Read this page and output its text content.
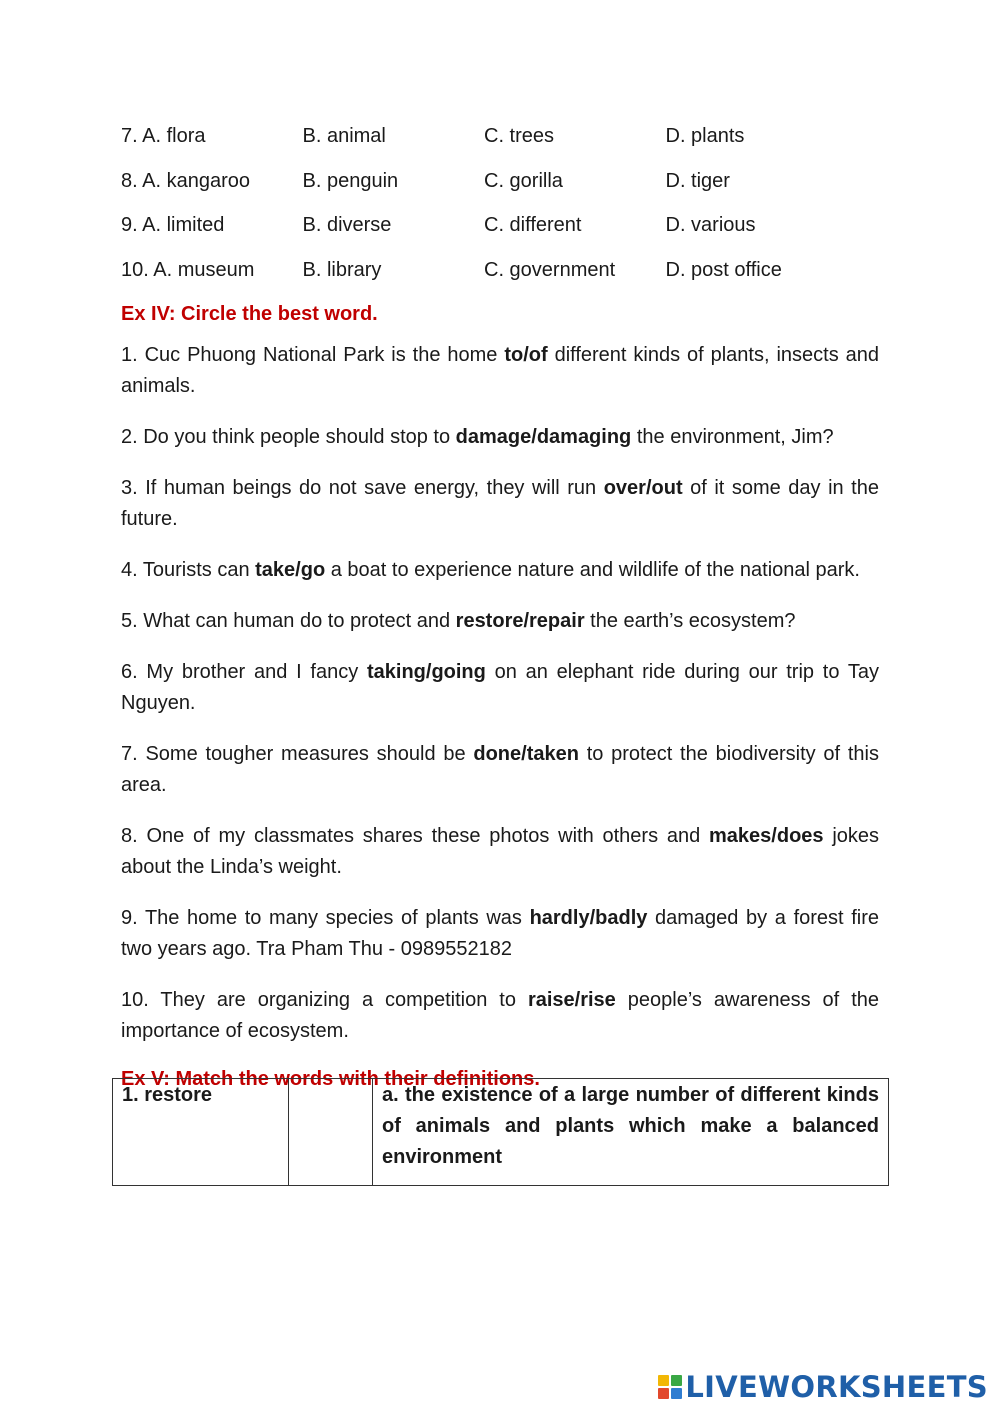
7. A. flora	B. animal	C. trees	D. plants
8. A. kangaroo	B. penguin	C. gorilla	D. tiger
9. A. limited	B. diverse	C. different	D. various
10. A. museum	B. library	C. government	D. post office
Ex IV: Circle the best word.

1. Cuc Phuong National Park is the home to/of different kinds of plants, insects and animals.

2. Do you think people should stop to damage/damaging the environment, Jim?

3. If human beings do not save energy, they will run over/out of it some day in the future.

4. Tourists can take/go a boat to experience nature and wildlife of the national park.

5. What can human do to protect and restore/repair the earth’s ecosystem?

6. My brother and I fancy taking/going on an elephant ride during our trip to Tay Nguyen.

7. Some tougher measures should be done/taken to protect the biodiversity of this area.

8. One of my classmates shares these photos with others and makes/does jokes about the Linda’s weight.

9. The home to many species of plants was hardly/badly damaged by a forest fire two years ago. Tra Pham Thu - 0989552182

10. They are organizing a competition to raise/rise people’s awareness of the importance of ecosystem.

Ex V: Match the words with their definitions.
1. restore		a. the existence of a large number of different kinds of animals and plants which make a balanced environment
LIVEWORKSHEETS
